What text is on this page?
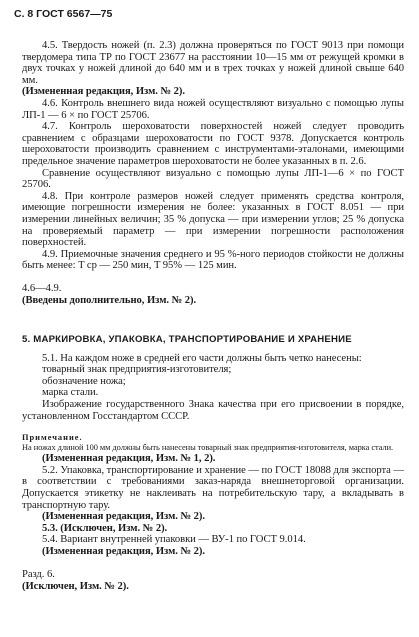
С. 8 ГОСТ 6567—75

4.5. Твердость ножей (п. 2.3) должна проверяться по ГОСТ 9013 при помощи твердомера типа ТР по ГОСТ 23677 на расстоянии 10—15 мм от режущей кромки в двух точках у ножей длиной до 640 мм и в трех точках у ножей длиной свыше 640 мм.

(Измененная редакция, Изм. № 2).

4.6. Контроль внешнего вида ножей осуществляют визуально с помощью лупы ЛП-1 — 6 × по ГОСТ 25706.

4.7. Контроль шероховатости поверхностей ножей следует проводить сравнением с образцами шероховатости по ГОСТ 9378. Допускается контроль шероховатости производить сравнением с инструментами-эталонами, имеющими предельное значение параметров шероховатости не более указанных в п. 2.6.

Сравнение осуществляют визуально с помощью лупы ЛП-1—6 × по ГОСТ 25706.

4.8. При контроле размеров ножей следует применять средства контроля, имеющие погрешности измерения не более: указанных в ГОСТ 8.051 — при измерении линейных величин; 35 % допуска — при измерении углов; 25 % допуска на проверяемый параметр — при измерении погрешности расположения поверхностей.

4.9. Приемочные значения среднего и 95 %-ного периодов стойкости не должны быть менее: T ср — 250 мин, T 95% — 125 мин.

4.6—4.9.
(Введены дополнительно, Изм. № 2).

5. МАРКИРОВКА, УПАКОВКА, ТРАНСПОРТИРОВАНИЕ И ХРАНЕНИЕ

5.1. На каждом ноже в средней его части должны быть четко нанесены:

товарный знак предприятия-изготовителя;

обозначение ножа;

марка стали.

Изображение государственного Знака качества при его присвоении в порядке, установленном Госстандартом СССР.

Примечание.
На ножах длиной 100 мм должны быть нанесены товарный знак предприятия-изготовителя, марка стали.

(Измененная редакция, Изм. № 1, 2).

5.2. Упаковка, транспортирование и хранение — по ГОСТ 18088 для экспорта — в соответствии с требованиями заказ-наряда внешнеторговой организации. Допускается этикетку не наклеивать на потребительскую тару, а вкладывать в транспортную тару.

(Измененная редакция, Изм. № 2).

5.3. (Исключен, Изм. № 2).

5.4. Вариант внутренней упаковки — ВУ-1 по ГОСТ 9.014.

(Измененная редакция, Изм. № 2).

Разд. 6.
(Исключен, Изм. № 2).
